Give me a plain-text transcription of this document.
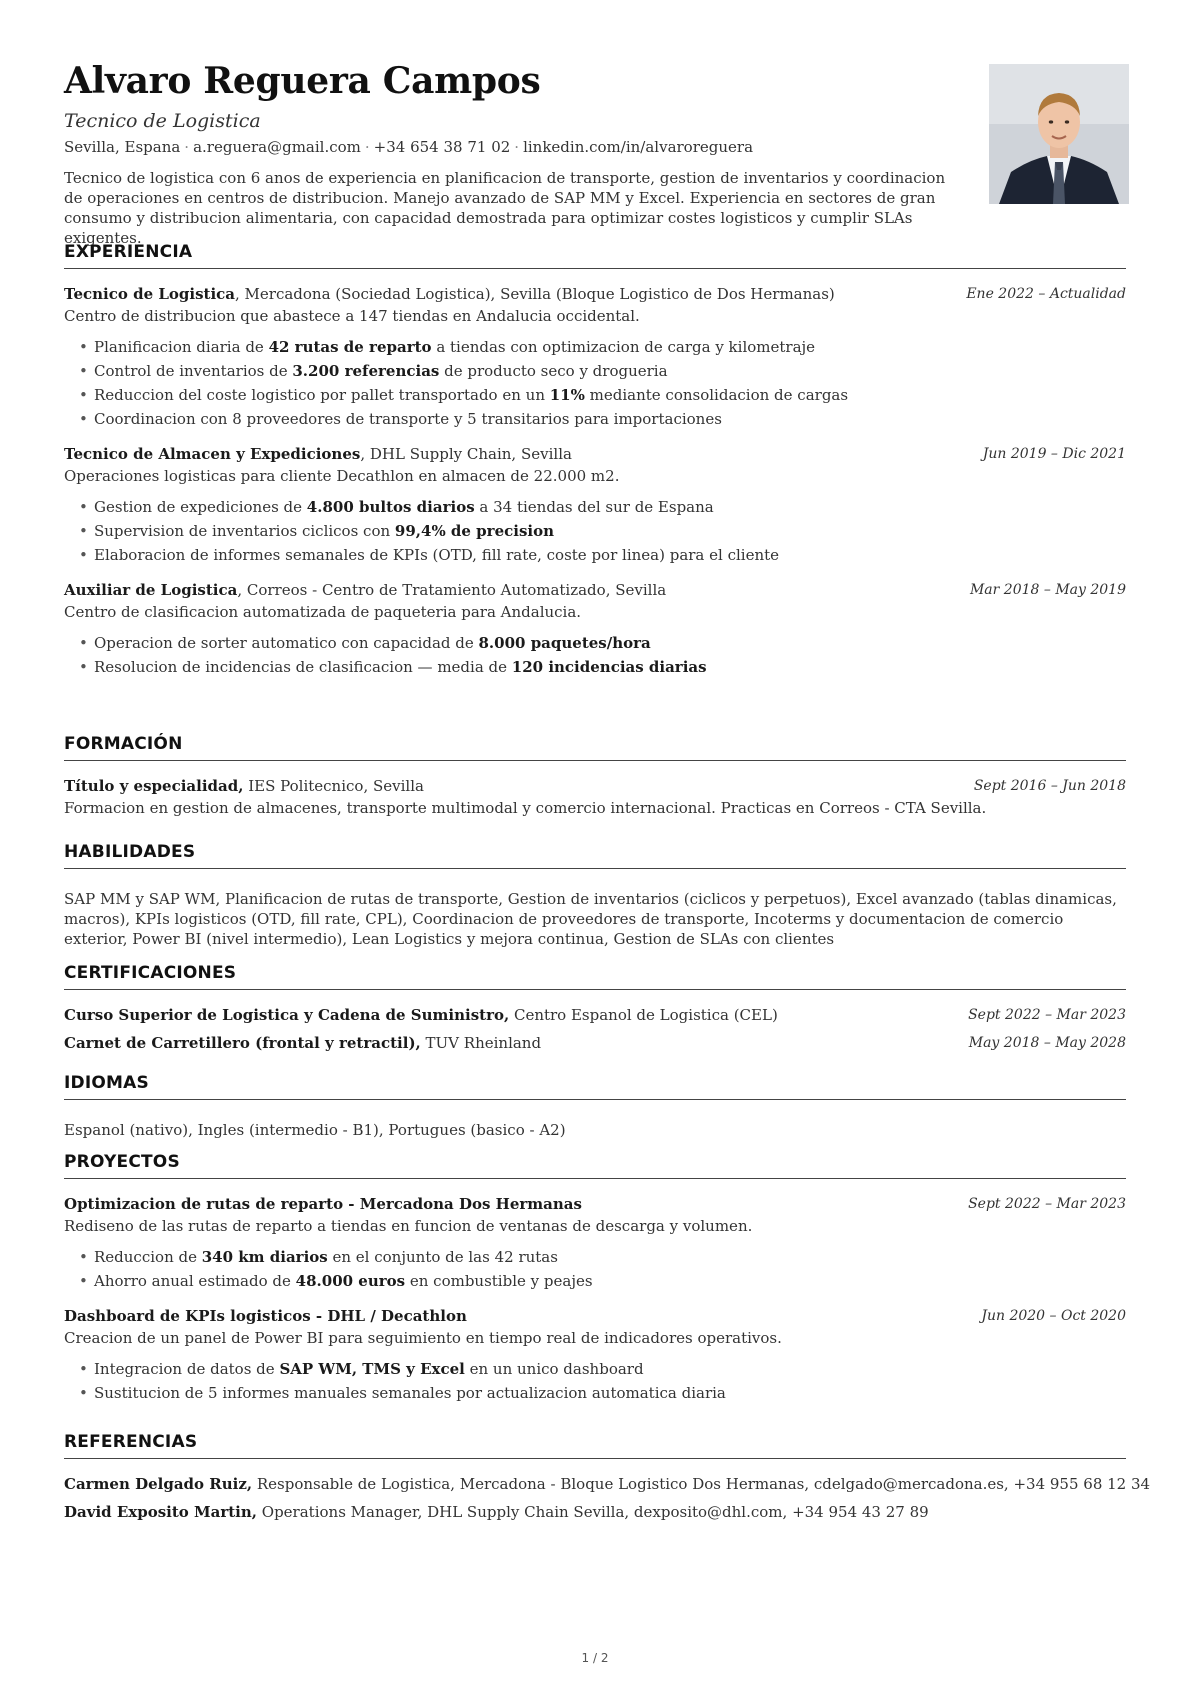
Alvaro Reguera Campos
Tecnico de Logistica
Sevilla, Espana · a.reguera@gmail.com · +34 654 38 71 02 · linkedin.com/in/alvaroreguera

Tecnico de logistica con 6 anos de experiencia en planificacion de transporte, gestion de inventarios y coordinacion de operaciones en centros de distribucion. Manejo avanzado de SAP MM y Excel. Experiencia en sectores de gran consumo y distribucion alimentaria, con capacidad demostrada para optimizar costes logisticos y cumplir SLAs exigentes.

EXPERIENCIA
Tecnico de Logistica, Mercadona (Sociedad Logistica), Sevilla (Bloque Logistico de Dos Hermanas)	Ene 2022 – Actualidad

Centro de distribucion que abastece a 147 tiendas en Andalucia occidental.

• Planificacion diaria de 42 rutas de reparto a tiendas con optimizacion de carga y kilometraje
• Control de inventarios de 3.200 referencias de producto seco y drogueria
• Reduccion del coste logistico por pallet transportado en un 11% mediante consolidacion de cargas
• Coordinacion con 8 proveedores de transporte y 5 transitarios para importaciones
Tecnico de Almacen y Expediciones, DHL Supply Chain, Sevilla	Jun 2019 – Dic 2021

Operaciones logisticas para cliente Decathlon en almacen de 22.000 m2.

• Gestion de expediciones de 4.800 bultos diarios a 34 tiendas del sur de Espana
• Supervision de inventarios ciclicos con 99,4% de precision
• Elaboracion de informes semanales de KPIs (OTD, fill rate, coste por linea) para el cliente
Auxiliar de Logistica, Correos - Centro de Tratamiento Automatizado, Sevilla	Mar 2018 – May 2019

Centro de clasificacion automatizada de paqueteria para Andalucia.

• Operacion de sorter automatico con capacidad de 8.000 paquetes/hora
• Resolucion de incidencias de clasificacion — media de 120 incidencias diarias
FORMACIÓN
Título y especialidad, IES Politecnico, Sevilla	Sept 2016 – Jun 2018

Formacion en gestion de almacenes, transporte multimodal y comercio internacional. Practicas en Correos - CTA Sevilla.

HABILIDADES

SAP MM y SAP WM, Planificacion de rutas de transporte, Gestion de inventarios (ciclicos y perpetuos), Excel avanzado (tablas dinamicas, macros), KPIs logisticos (OTD, fill rate, CPL), Coordinacion de proveedores de transporte, Incoterms y documentacion de comercio exterior, Power BI (nivel intermedio), Lean Logistics y mejora continua, Gestion de SLAs con clientes

CERTIFICACIONES
Curso Superior de Logistica y Cadena de Suministro, Centro Espanol de Logistica (CEL)	Sept 2022 – Mar 2023
Carnet de Carretillero (frontal y retractil), TUV Rheinland	May 2018 – May 2028
IDIOMAS

Espanol (nativo), Ingles (intermedio - B1), Portugues (basico - A2)

PROYECTOS
Optimizacion de rutas de reparto - Mercadona Dos Hermanas	Sept 2022 – Mar 2023

Rediseno de las rutas de reparto a tiendas en funcion de ventanas de descarga y volumen.

• Reduccion de 340 km diarios en el conjunto de las 42 rutas
• Ahorro anual estimado de 48.000 euros en combustible y peajes
Dashboard de KPIs logisticos - DHL / Decathlon	Jun 2020 – Oct 2020

Creacion de un panel de Power BI para seguimiento en tiempo real de indicadores operativos.

• Integracion de datos de SAP WM, TMS y Excel en un unico dashboard
• Sustitucion de 5 informes manuales semanales por actualizacion automatica diaria
REFERENCIAS
Carmen Delgado Ruiz, Responsable de Logistica, Mercadona - Bloque Logistico Dos Hermanas, cdelgado@mercadona.es, +34 955 68 12 34
David Exposito Martin, Operations Manager, DHL Supply Chain Sevilla, dexposito@dhl.com, +34 954 43 27 89
1 / 2
